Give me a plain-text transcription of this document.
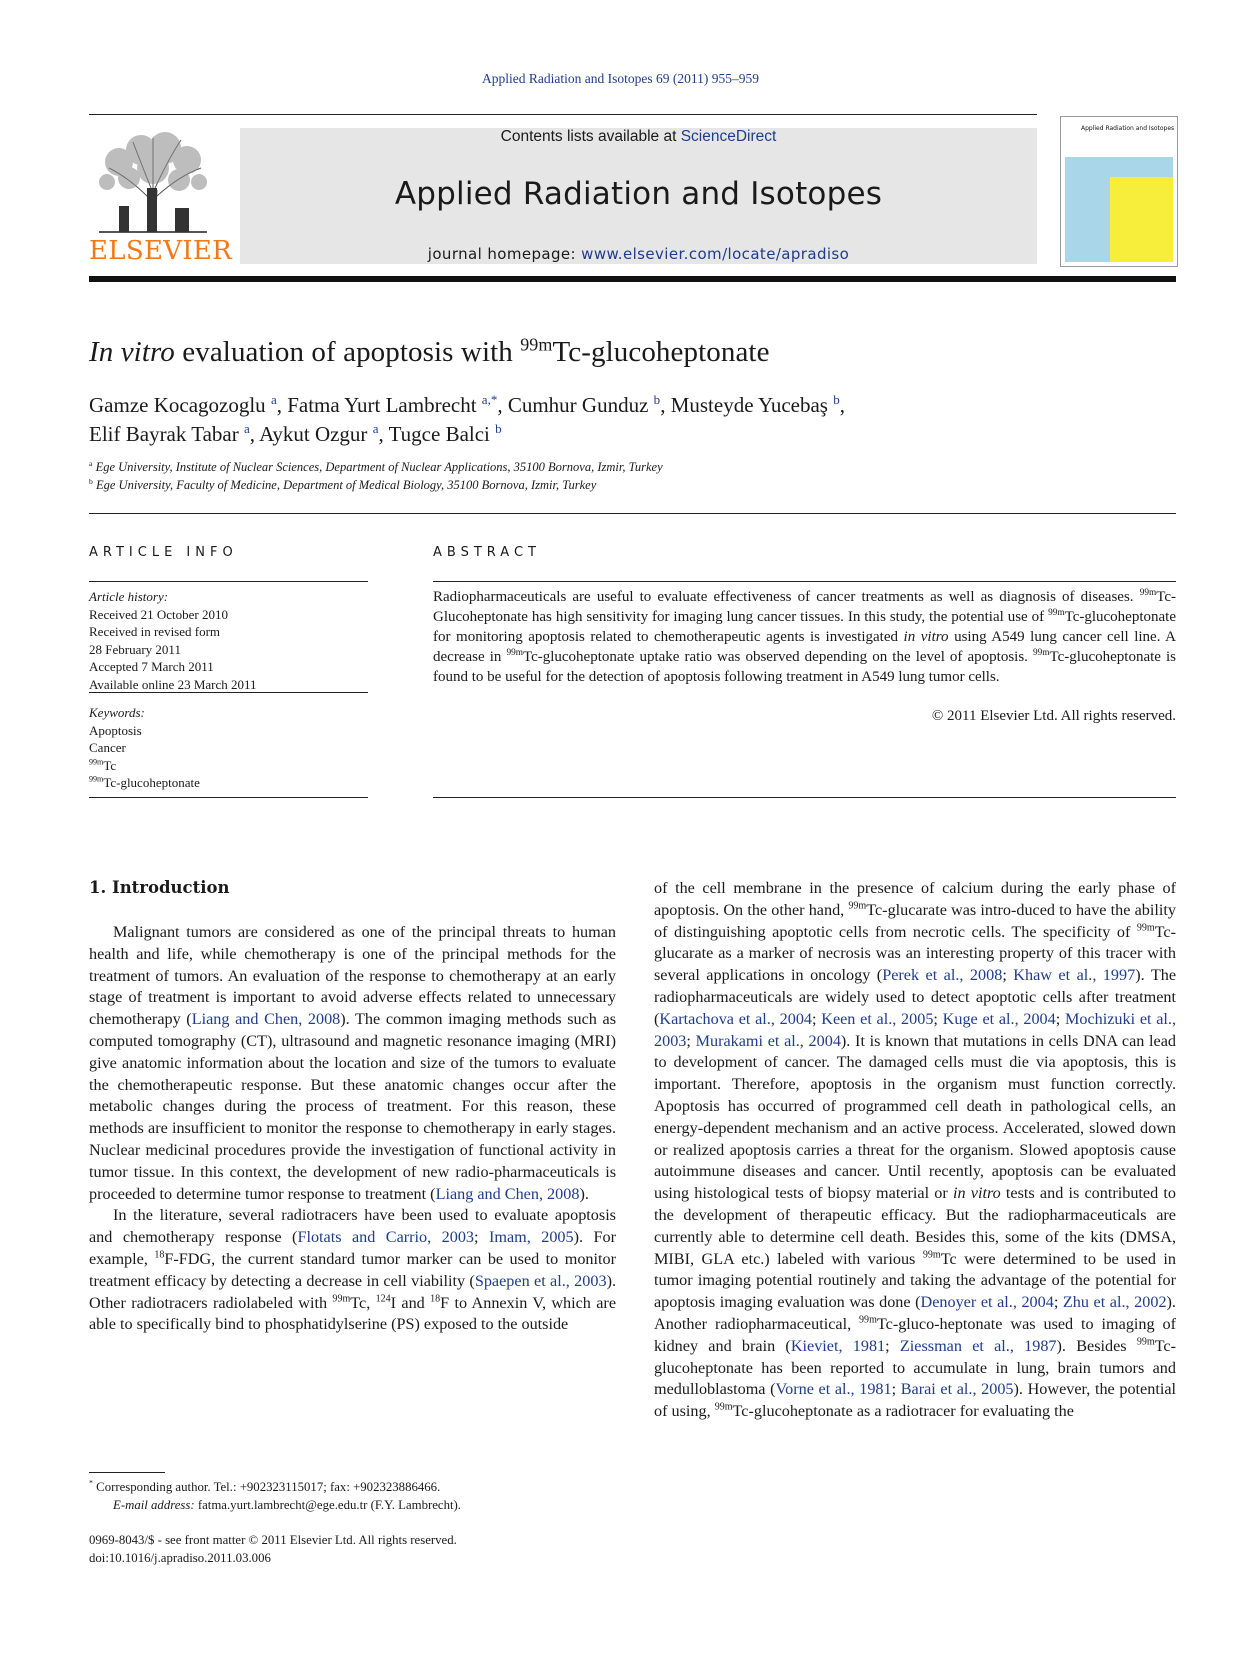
Applied Radiation and Isotopes 69 (2011) 955–959
ELSEVIER
Contents lists available at ScienceDirect
Applied Radiation and Isotopes
journal homepage: www.elsevier.com/locate/apradiso
Applied Radiation and Isotopes
In vitro evaluation of apoptosis with $^{99m}$Tc-glucoheptonate
Gamze Kocagozoglu $^a$, Fatma Yurt Lambrecht $^{a,*}$, Cumhur Gunduz $^b$, Musteyde Yucebaş $^b$,
Elif Bayrak Tabar $^a$, Aykut Ozgur $^a$, Tugce Balci $^b$
$^a$ Ege University, Institute of Nuclear Sciences, Department of Nuclear Applications, 35100 Bornova, Izmir, Turkey
$^b$ Ege University, Faculty of Medicine, Department of Medical Biology, 35100 Bornova, Izmir, Turkey
ARTICLE INFO
Article history:
Received 21 October 2010
Received in revised form
28 February 2011
Accepted 7 March 2011
Available online 23 March 2011
Keywords:
Apoptosis
Cancer
$^{99m}$Tc
$^{99m}$Tc-glucoheptonate
ABSTRACT
Radiopharmaceuticals are useful to evaluate effectiveness of cancer treatments as well as diagnosis of diseases. $^{99m}$Tc-Glucoheptonate has high sensitivity for imaging lung cancer tissues. In this study, the potential use of $^{99m}$Tc-glucoheptonate for monitoring apoptosis related to chemotherapeutic agents is investigated in vitro using A549 lung cancer cell line. A decrease in $^{99m}$Tc-glucoheptonate uptake ratio was observed depending on the level of apoptosis. $^{99m}$Tc-glucoheptonate is found to be useful for the detection of apoptosis following treatment in A549 lung tumor cells.
© 2011 Elsevier Ltd. All rights reserved.
1. Introduction

Malignant tumors are considered as one of the principal threats to human health and life, while chemotherapy is one of the principal methods for the treatment of tumors. An evaluation of the response to chemotherapy at an early stage of treatment is important to avoid adverse effects related to unnecessary chemotherapy (Liang and Chen, 2008). The common imaging methods such as computed tomography (CT), ultrasound and magnetic resonance imaging (MRI) give anatomic information about the location and size of the tumors to evaluate the chemotherapeutic response. But these anatomic changes occur after the metabolic changes during the process of treatment. For this reason, these methods are insufficient to monitor the response to chemotherapy in early stages. Nuclear medicinal procedures provide the investigation of functional activity in tumor tissue. In this context, the development of new radio-pharmaceuticals is proceeded to determine tumor response to treatment (Liang and Chen, 2008).

In the literature, several radiotracers have been used to evaluate apoptosis and chemotherapy response (Flotats and Carrio, 2003; Imam, 2005). For example, $^{18}$F-FDG, the current standard tumor marker can be used to monitor treatment efficacy by detecting a decrease in cell viability (Spaepen et al., 2003). Other radiotracers radiolabeled with $^{99m}$Tc, $^{124}$I and $^{18}$F to Annexin V, which are able to specifically bind to phosphatidylserine (PS) exposed to the outside

of the cell membrane in the presence of calcium during the early phase of apoptosis. On the other hand, $^{99m}$Tc-glucarate was intro-duced to have the ability of distinguishing apoptotic cells from necrotic cells. The specificity of $^{99m}$Tc-glucarate as a marker of necrosis was an interesting property of this tracer with several applications in oncology (Perek et al., 2008; Khaw et al., 1997). The radiopharmaceuticals are widely used to detect apoptotic cells after treatment (Kartachova et al., 2004; Keen et al., 2005; Kuge et al., 2004; Mochizuki et al., 2003; Murakami et al., 2004). It is known that mutations in cells DNA can lead to development of cancer. The damaged cells must die via apoptosis, this is important. Therefore, apoptosis in the organism must function correctly. Apoptosis has occurred of programmed cell death in pathological cells, an energy-dependent mechanism and an active process. Accelerated, slowed down or realized apoptosis carries a threat for the organism. Slowed apoptosis cause autoimmune diseases and cancer. Until recently, apoptosis can be evaluated using histological tests of biopsy material or in vitro tests and is contributed to the development of therapeutic efficacy. But the radiopharmaceuticals are currently able to determine cell death. Besides this, some of the kits (DMSA, MIBI, GLA etc.) labeled with various $^{99m}$Tc were determined to be used in tumor imaging potential routinely and taking the advantage of the potential for apoptosis imaging evaluation was done (Denoyer et al., 2004; Zhu et al., 2002). Another radiopharmaceutical, $^{99m}$Tc-gluco-heptonate was used to imaging of kidney and brain (Kieviet, 1981; Ziessman et al., 1987). Besides $^{99m}$Tc-glucoheptonate has been reported to accumulate in lung, brain tumors and medulloblastoma (Vorne et al., 1981; Barai et al., 2005). However, the potential of using, $^{99m}$Tc-glucoheptonate as a radiotracer for evaluating the

* Corresponding author. Tel.: +902323115017; fax: +902323886466.
E-mail address: fatma.yurt.lambrecht@ege.edu.tr (F.Y. Lambrecht).
0969-8043/$ - see front matter © 2011 Elsevier Ltd. All rights reserved.
doi:10.1016/j.apradiso.2011.03.006
